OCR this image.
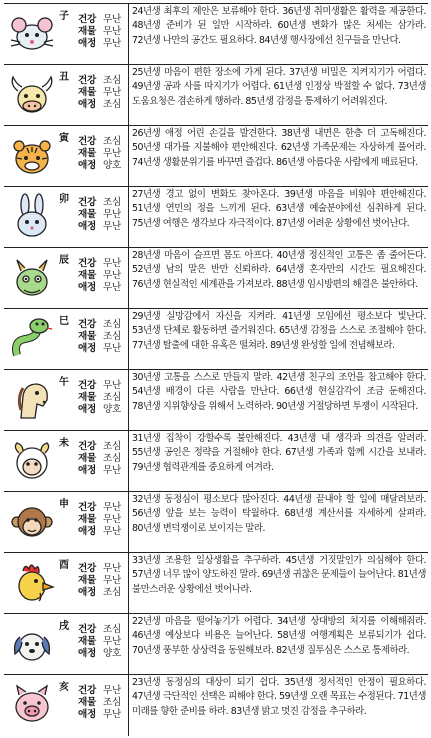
子 건강 무난
재물 무난
애정 무난
24년생 최후의 제안은 보류해야 한다. 36년생 취미생활은 활력을 제공한다. 48년생 준비가 된 일만 시작하라. 60년생 변화가 많은 처세는 삼가라. 72년생 나만의 공간도 필요하다. 84년생 행사장에선 친구들을 만난다.
丑 건강 조심
재물 무난
애정 조심
25년생 마음이 편한 장소에 가게 된다. 37년생 비밀은 지켜지기가 어렵다. 49년생 공과 사를 따지기가 어렵다. 61년생 인정상 박절할 수 없다. 73년생 도움요청은 겸손하게 행하라. 85년생 감정을 통제하기 어려워진다.
寅 건강 조심
재물 무난
애정 양호
26년생 애정 어린 손길을 발견한다. 38년생 내면은 한층 더 고독해진다. 50년생 대가를 지불해야 편안해진다. 62년생 가족문제는 자상하게 풀어라. 74년생 생활분위기를 바꾸면 즐겁다. 86년생 아름다운 사람에게 매료된다.
卯 건강 조심
재물 무난
애정 무난
27년생 경고 없이 변화도 찾아온다. 39년생 마음을 비워야 편안해진다. 51년생 연민의 정을 느끼게 된다. 63년생 예술분야에선 심취하게 된다. 75년생 여행은 생각보다 자극적이다. 87년생 어려운 상황에선 벗어난다.
辰 건강 무난
재물 무난
애정 무난
28년생 마음이 슬프면 몸도 아프다. 40년생 정신적인 고통은 좀 줄어든다. 52년생 남의 말은 반만 신뢰하라. 64년생 혼자만의 시간도 필요해진다. 76년생 현실적인 세계관을 가져보라. 88년생 임시방편의 해결은 불안하다.
巳 건강 조심
재물 조심
애정 무난
29년생 실망감에서 자신을 지켜라. 41년생 모임에선 평소보다 빛난다. 53년생 단체로 활동하면 즐거워진다. 65년생 감정을 스스로 조절해야 한다. 77년생 탈출에 대한 유혹은 떨쳐라. 89년생 완성할 일에 전념해보라.
午 건강 무난
재물 조심
애정 양호
30년생 고통을 스스로 만들지 말라. 42년생 친구의 조언을 참고해야 한다. 54년생 배경이 다른 사람을 만난다. 66년생 현실감각이 조금 둔해진다. 78년생 지위향상을 위해서 노력하라. 90년생 거절당하면 투쟁이 시작된다.
未 건강 조심
재물 조심
애정 무난
31년생 집착이 강할수록 불안해진다. 43년생 내 생각과 의견을 알려라. 55년생 공인은 정략을 거절해야 한다. 67년생 가족과 함께 시간을 보내라. 79년생 협력관계를 중요하게 여겨라.
申 건강 무난
재물 무난
애정 무난
32년생 동정심이 평소보다 많아진다. 44년생 끝내야 할 일에 매달려보라. 56년생 앞을 보는 능력이 탁월하다. 68년생 계산서를 자세하게 살펴라. 80년생 변덕쟁이로 보이지는 말라.
酉 건강 무난
재물 무난
애정 조심
33년생 조용한 일상생활을 추구하라. 45년생 거짓말인가 의심해야 한다. 57년생 너무 많이 양도하진 말라. 69년생 귀찮은 문제들이 늘어난다. 81년생 불만스러운 상황에선 벗어나라.
戌 건강 조심
재물 무난
애정 양호
22년생 마음을 떨어놓기가 어렵다. 34년생 상대방의 처지를 이해해줘라. 46년생 예상보다 비용은 늘어난다. 58년생 여행계획은 보류되기가 쉽다. 70년생 풍부한 상상력을 동원해보라. 82년생 질투심은 스스로 통제하라.
亥 건강 무난
재물 조심
애정 무난
23년생 동정심의 대상이 되기 쉽다. 35년생 정서적인 안정이 필요하다. 47년생 극단적인 선택은 피해야 한다. 59년생 오랜 목표는 수정된다. 71년생 미래를 향한 준비를 하라. 83년생 밝고 멋진 감정을 추구하라.
